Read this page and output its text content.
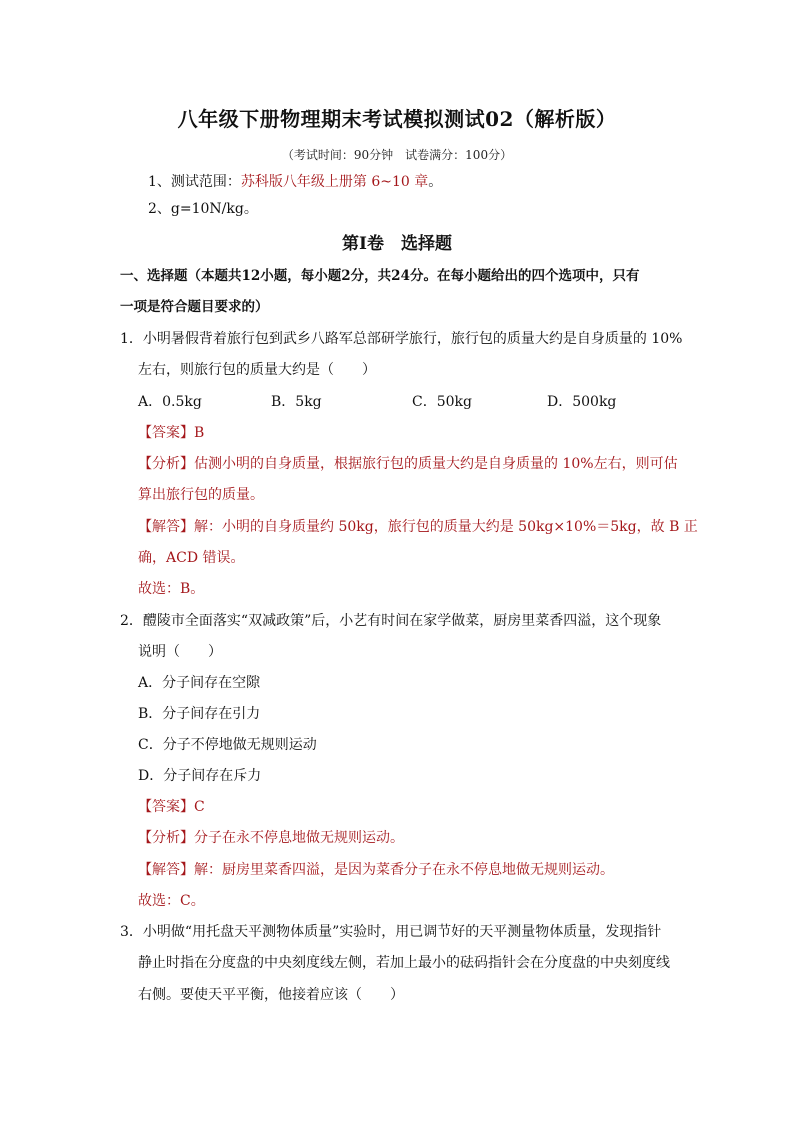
八年级下册物理期末考试模拟测试02（解析版）
（考试时间：90分钟　试卷满分：100分）
1、测试范围：苏科版八年级上册第 6~10 章。
2、g=10N/kg。
第Ⅰ卷　选择题
一、选择题（本题共12小题，每小题2分，共24分。在每小题给出的四个选项中，只有
一项是符合题目要求的）
1．小明暑假背着旅行包到武乡八路军总部研学旅行，旅行包的质量大约是自身质量的 10%
左右，则旅行包的质量大约是（　　）
A．0.5kg	B．5kg	C．50kg	D．500kg
【答案】B
【分析】估测小明的自身质量，根据旅行包的质量大约是自身质量的 10%左右，则可估
算出旅行包的质量。
【解答】解：小明的自身质量约 50kg，旅行包的质量大约是 50kg×10%＝5kg，故 B 正
确，ACD 错误。
故选：B。
2．醴陵市全面落实“双减政策”后，小艺有时间在家学做菜，厨房里菜香四溢，这个现象
说明（　　）
A．分子间存在空隙
B．分子间存在引力
C．分子不停地做无规则运动
D．分子间存在斥力
【答案】C
【分析】分子在永不停息地做无规则运动。
【解答】解：厨房里菜香四溢，是因为菜香分子在永不停息地做无规则运动。
故选：C。
3．小明做“用托盘天平测物体质量”实验时，用已调节好的天平测量物体质量，发现指针
静止时指在分度盘的中央刻度线左侧，若加上最小的砝码指针会在分度盘的中央刻度线
右侧。要使天平平衡，他接着应该（　　）
